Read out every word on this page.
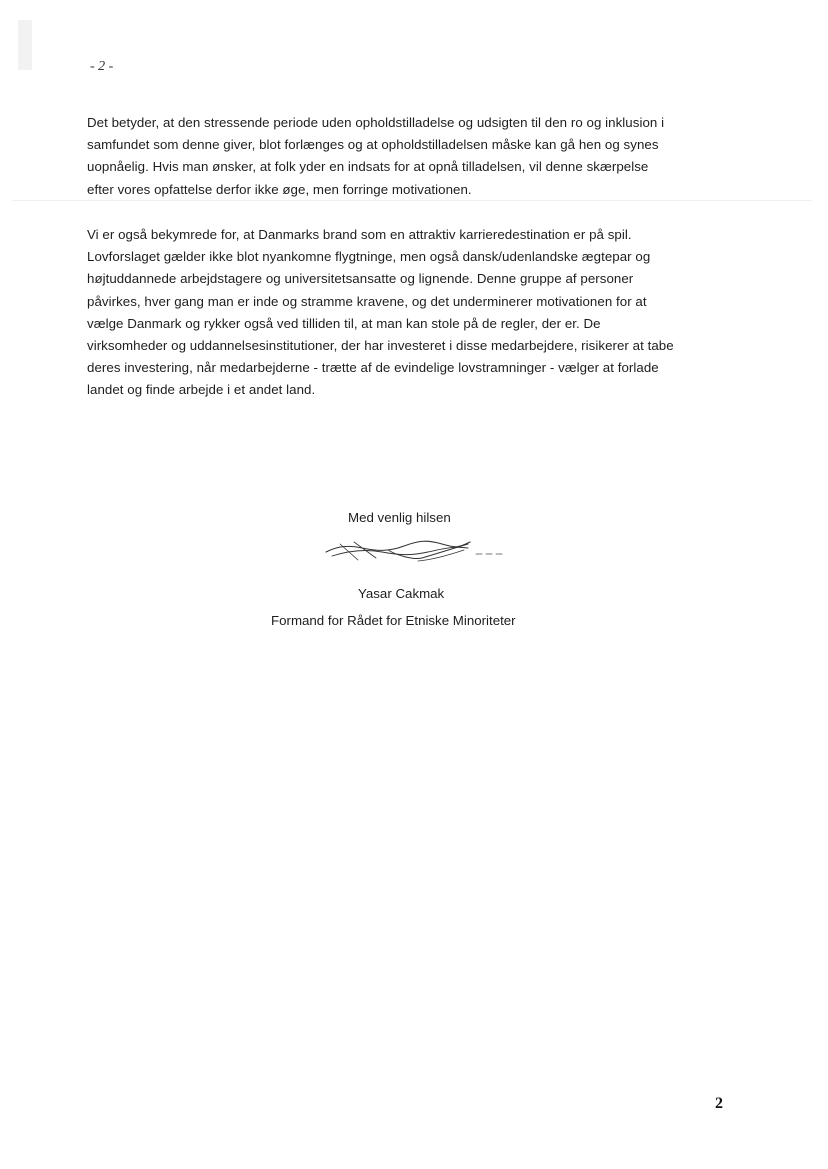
- 2 -
Det betyder, at den stressende periode uden opholdstilladelse og udsigten til den ro og inklusion i
samfundet som denne giver, blot forlænges og at opholdstilladelsen måske kan gå hen og synes
uopnåelig. Hvis man ønsker, at folk yder en indsats for at opnå tilladelsen, vil denne skærpelse
efter vores opfattelse derfor ikke øge, men forringe motivationen.
Vi er også bekymrede for, at Danmarks brand som en attraktiv karrieredestination er på spil.
Lovforslaget gælder ikke blot nyankomne flygtninge, men også dansk/udenlandske ægtepar og
højtuddannede arbejdstagere og universitetsansatte og lignende. Denne gruppe af personer
påvirkes, hver gang man er inde og stramme kravene, og det underminerer motivationen for at
vælge Danmark og rykker også ved tilliden til, at man kan stole på de regler, der er. De
virksomheder og uddannelsesinstitutioner, der har investeret i disse medarbejdere, risikerer at tabe
deres investering, når medarbejderne - trætte af de evindelige lovstramninger - vælger at forlade
landet og finde arbejde i et andet land.
Med venlig hilsen
Yasar Cakmak
Formand for Rådet for Etniske Minoriteter
2
